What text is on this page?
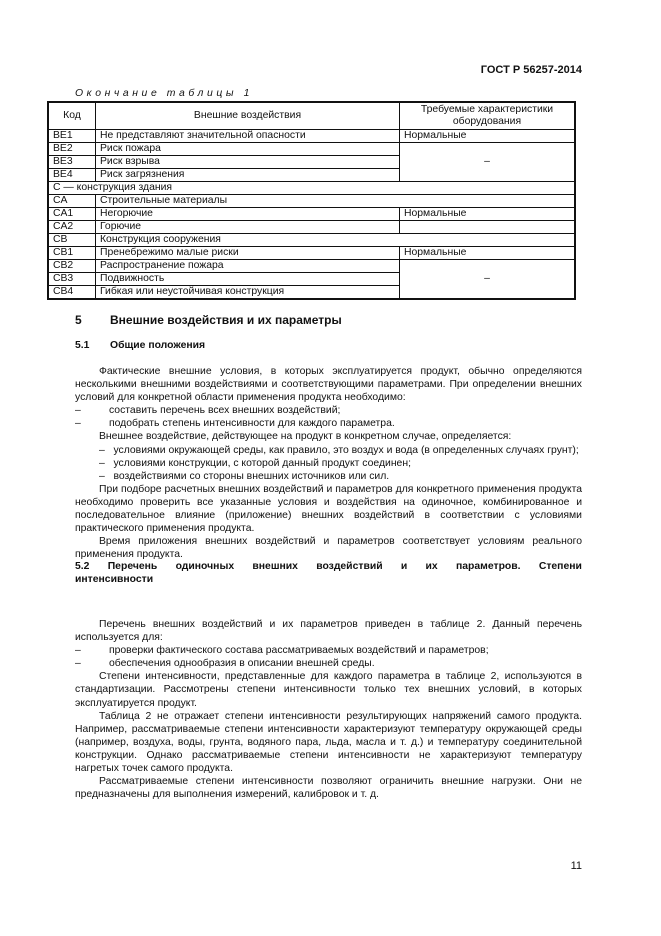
ГОСТ Р 56257-2014
Окончание таблицы 1
Код	Внешние воздействия	Требуемые характеристики оборудования
BE1	Не представляют значительной опасности	Нормальные
BE2	Риск пожара	–
BE3	Риск взрыва	
BE4	Риск загрязнения	
С — конструкция здания		
CA	Строительные материалы	
CA1	Негорючие	Нормальные
CA2	Горючие	
CB	Конструкция сооружения	
CB1	Пренебрежимо малые риски	Нормальные
CB2	Распространение пожара	–
CB3	Подвижность	
CB4	Гибкая или неустойчивая конструкция	
5 Внешние воздействия и их параметры
5.1 Общие положения

Фактические внешние условия, в которых эксплуатируется продукт, обычно определяются несколькими внешними воздействиями и соответствующими параметрами. При определении внешних условий для конкретной области применения продукта необходимо:

–	составить перечень всех внешних воздействий;

–	подобрать степень интенсивности для каждого параметра.

Внешнее воздействие, действующее на продукт в конкретном случае, определяется:

– условиями окружающей среды, как правило, это воздух и вода (в определенных случаях грунт);

– условиями конструкции, с которой данный продукт соединен;

– воздействиями со стороны внешних источников или сил.

При подборе расчетных внешних воздействий и параметров для конкретного применения продукта необходимо проверить все указанные условия и воздействия на одиночное, комбинированное и последовательное влияние (приложение) внешних воздействий в соответствии с условиями практического применения продукта.

Время приложения внешних воздействий и параметров соответствует условиям реального применения продукта.

5.2 Перечень одиночных внешних воздействий и их параметров. Степени
интенсивности

Перечень внешних воздействий и их параметров приведен в таблице 2. Данный перечень используется для:

–	проверки фактического состава рассматриваемых воздействий и параметров;

–	обеспечения однообразия в описании внешней среды.

Степени интенсивности, представленные для каждого параметра в таблице 2, используются в стандартизации. Рассмотрены степени интенсивности только тех внешних условий, в которых эксплуатируется продукт.

Таблица 2 не отражает степени интенсивности результирующих напряжений самого продукта. Например, рассматриваемые степени интенсивности характеризуют температуру окружающей среды (например, воздуха, воды, грунта, водяного пара, льда, масла и т. д.) и температуру соединительной конструкции. Однако рассматриваемые степени интенсивности не характеризуют температуру нагретых точек самого продукта.

Рассматриваемые степени интенсивности позволяют ограничить внешние нагрузки. Они не предназначены для выполнения измерений, калибровок и т. д.

11
